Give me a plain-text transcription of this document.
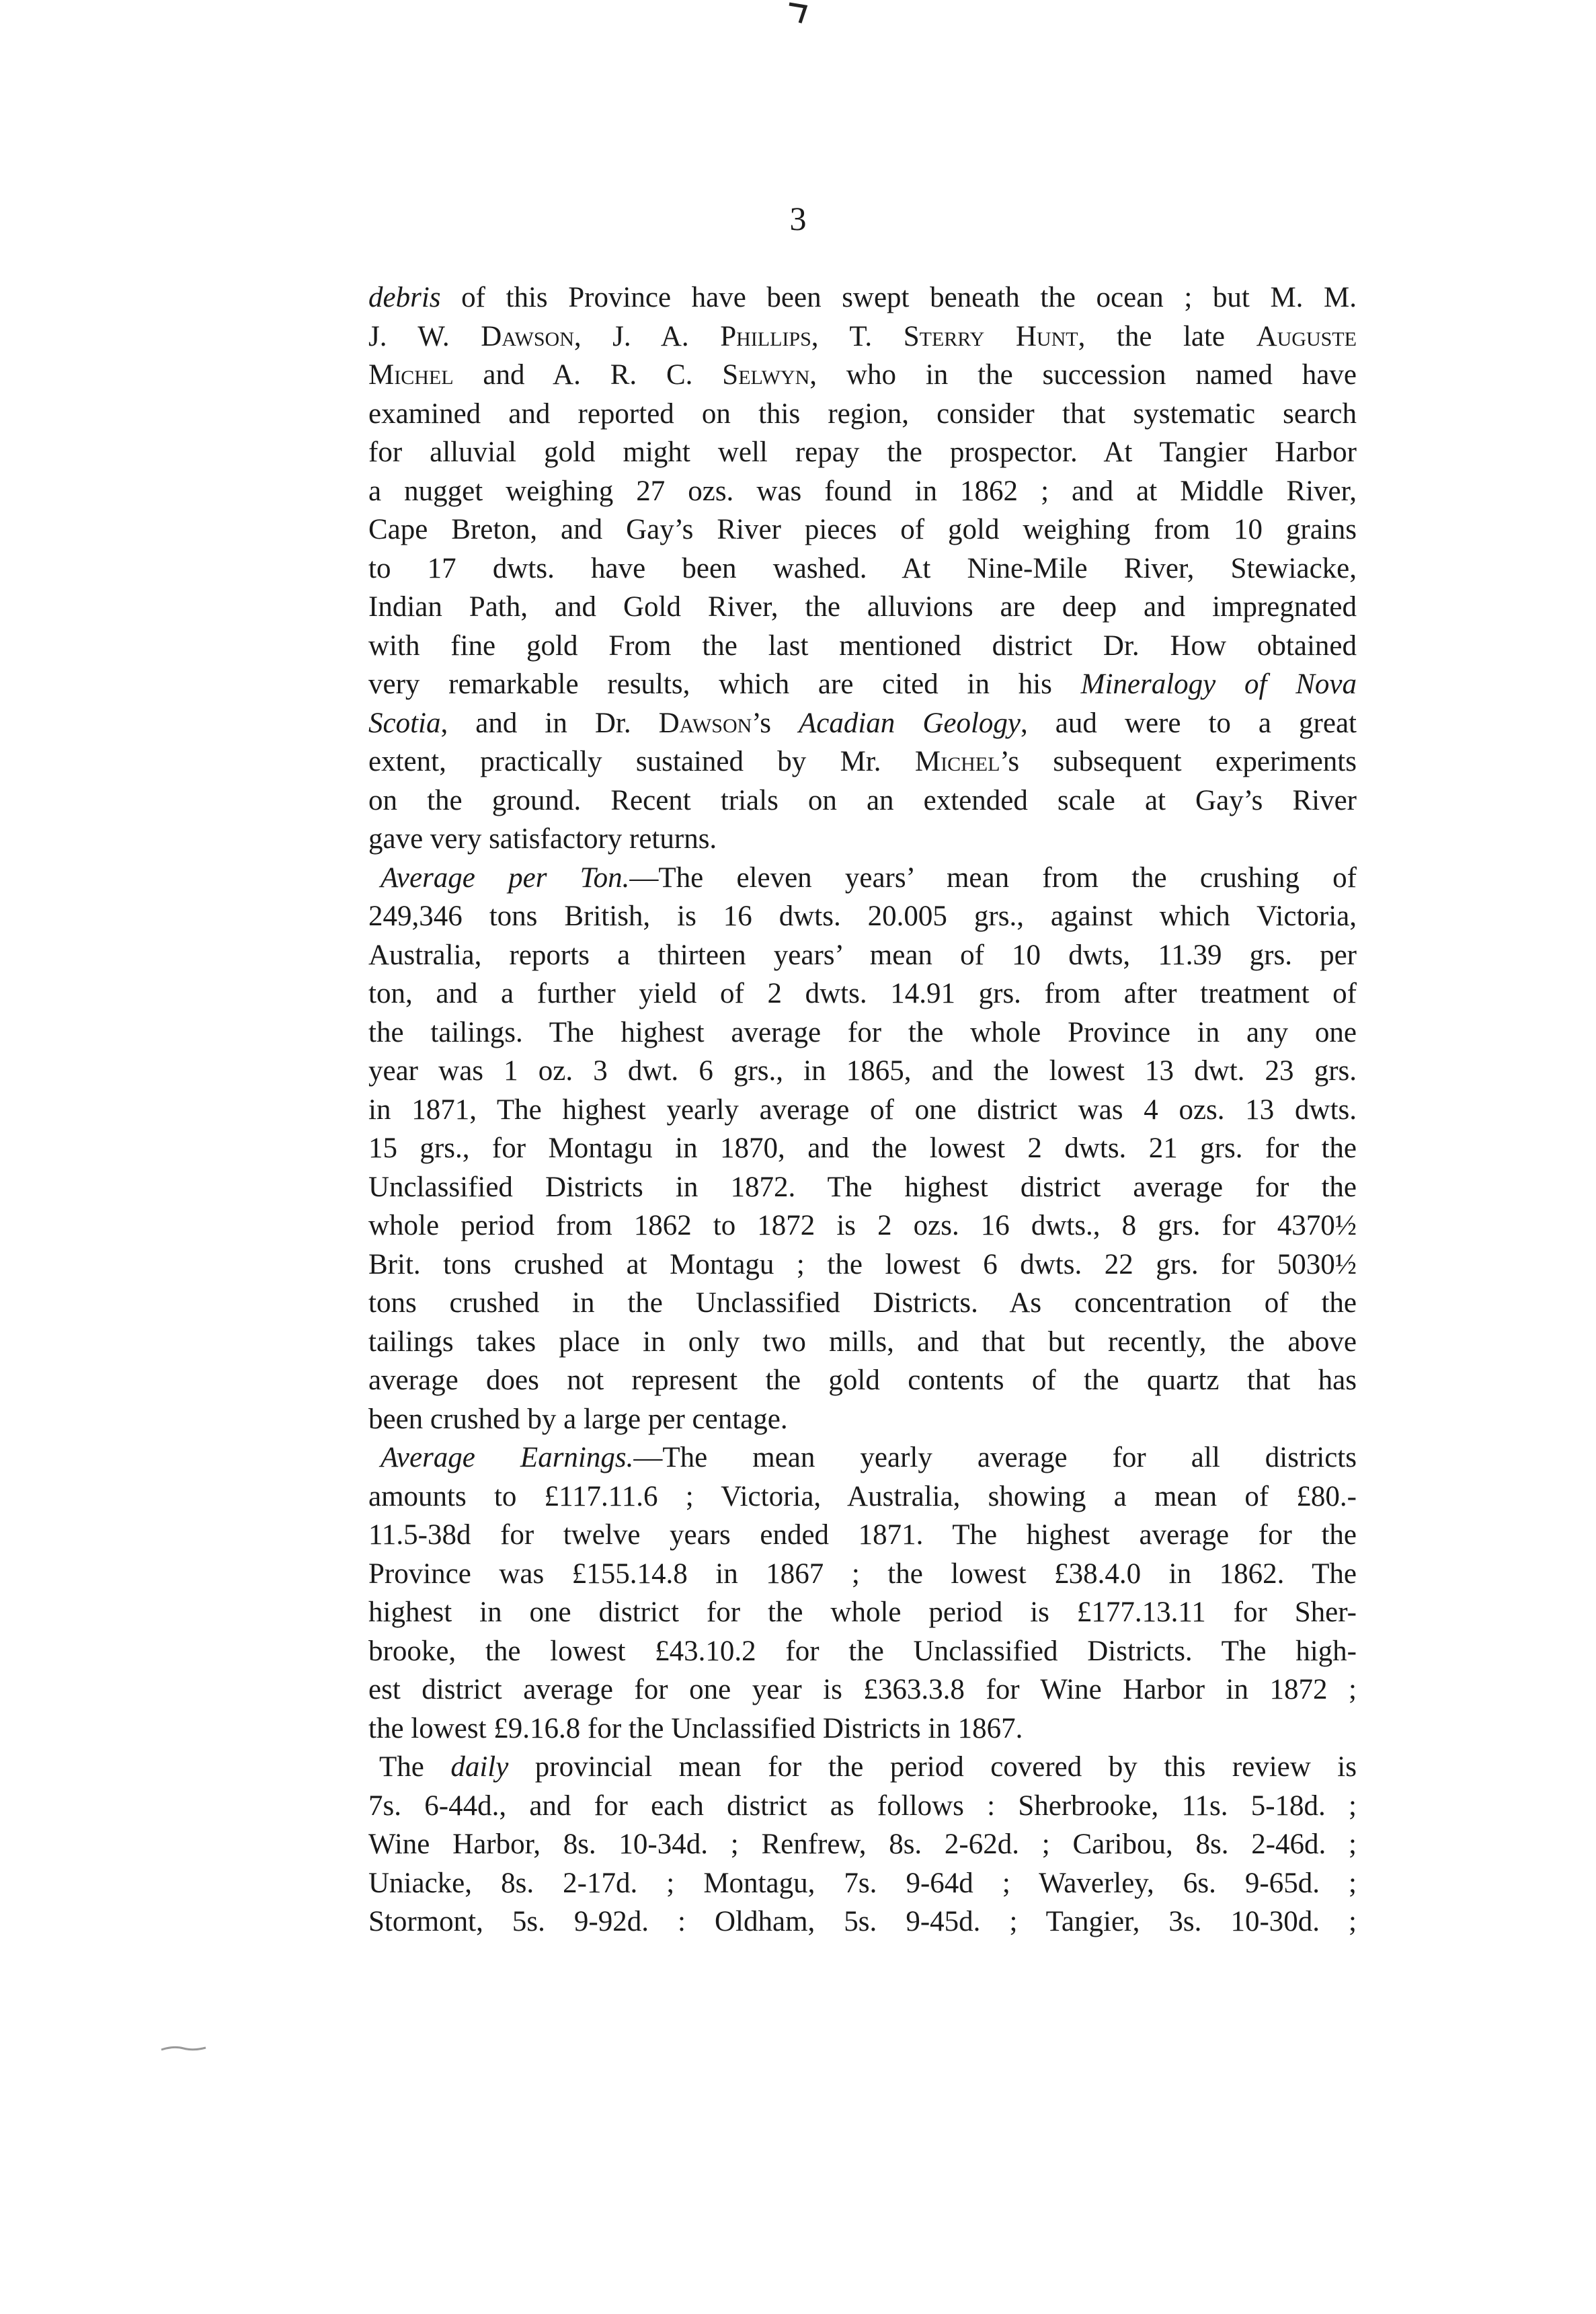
3
debris of this Province have been swept beneath the ocean ; but M. M.
J. W. Dawson, J. A. Phillips, T. Sterry Hunt, the late Auguste
Michel and A. R. C. Selwyn, who in the succession named have
examined and reported on this region, consider that systematic search
for alluvial gold might well repay the prospector. At Tangier Harbor
a nugget weighing 27 ozs. was found in 1862 ; and at Middle River,
Cape Breton, and Gay’s River pieces of gold weighing from 10 grains
to 17 dwts. have been washed. At Nine-Mile River, Stewiacke,
Indian Path, and Gold River, the alluvions are deep and impregnated
with fine gold From the last mentioned district Dr. How obtained
very remarkable results, which are cited in his Mineralogy of Nova
Scotia, and in Dr. Dawson’s Acadian Geology, aud were to a great
extent, practically sustained by Mr. Michel’s subsequent experiments
on the ground. Recent trials on an extended scale at Gay’s River
gave very satisfactory returns.
Average per Ton.—The eleven years’ mean from the crushing of
249,346 tons British, is 16 dwts. 20.005 grs., against which Victoria,
Australia, reports a thirteen years’ mean of 10 dwts, 11.39 grs. per
ton, and a further yield of 2 dwts. 14.91 grs. from after treatment of
the tailings. The highest average for the whole Province in any one
year was 1 oz. 3 dwt. 6 grs., in 1865, and the lowest 13 dwt. 23 grs.
in 1871, The highest yearly average of one district was 4 ozs. 13 dwts.
15 grs., for Montagu in 1870, and the lowest 2 dwts. 21 grs. for the
Unclassified Districts in 1872. The highest district average for the
whole period from 1862 to 1872 is 2 ozs. 16 dwts., 8 grs. for 4370½
Brit. tons crushed at Montagu ; the lowest 6 dwts. 22 grs. for 5030½
tons crushed in the Unclassified Districts. As concentration of the
tailings takes place in only two mills, and that but recently, the above
average does not represent the gold contents of the quartz that has
been crushed by a large per centage.
Average Earnings.—The mean yearly average for all districts
amounts to £117.11.6 ; Victoria, Australia, showing a mean of £80.-
11.5-38d for twelve years ended 1871. The highest average for the
Province was £155.14.8 in 1867 ; the lowest £38.4.0 in 1862. The
highest in one district for the whole period is £177.13.11 for Sher-
brooke, the lowest £43.10.2 for the Unclassified Districts. The high-
est district average for one year is £363.3.8 for Wine Harbor in 1872 ;
the lowest £9.16.8 for the Unclassified Districts in 1867.
The daily provincial mean for the period covered by this review is
7s. 6-44d., and for each district as follows : Sherbrooke, 11s. 5-18d. ;
Wine Harbor, 8s. 10-34d. ; Renfrew, 8s. 2-62d. ; Caribou, 8s. 2-46d. ;
Uniacke, 8s. 2-17d. ; Montagu, 7s. 9-64d ; Waverley, 6s. 9-65d. ;
Stormont, 5s. 9-92d. : Oldham, 5s. 9-45d. ; Tangier, 3s. 10-30d. ;
